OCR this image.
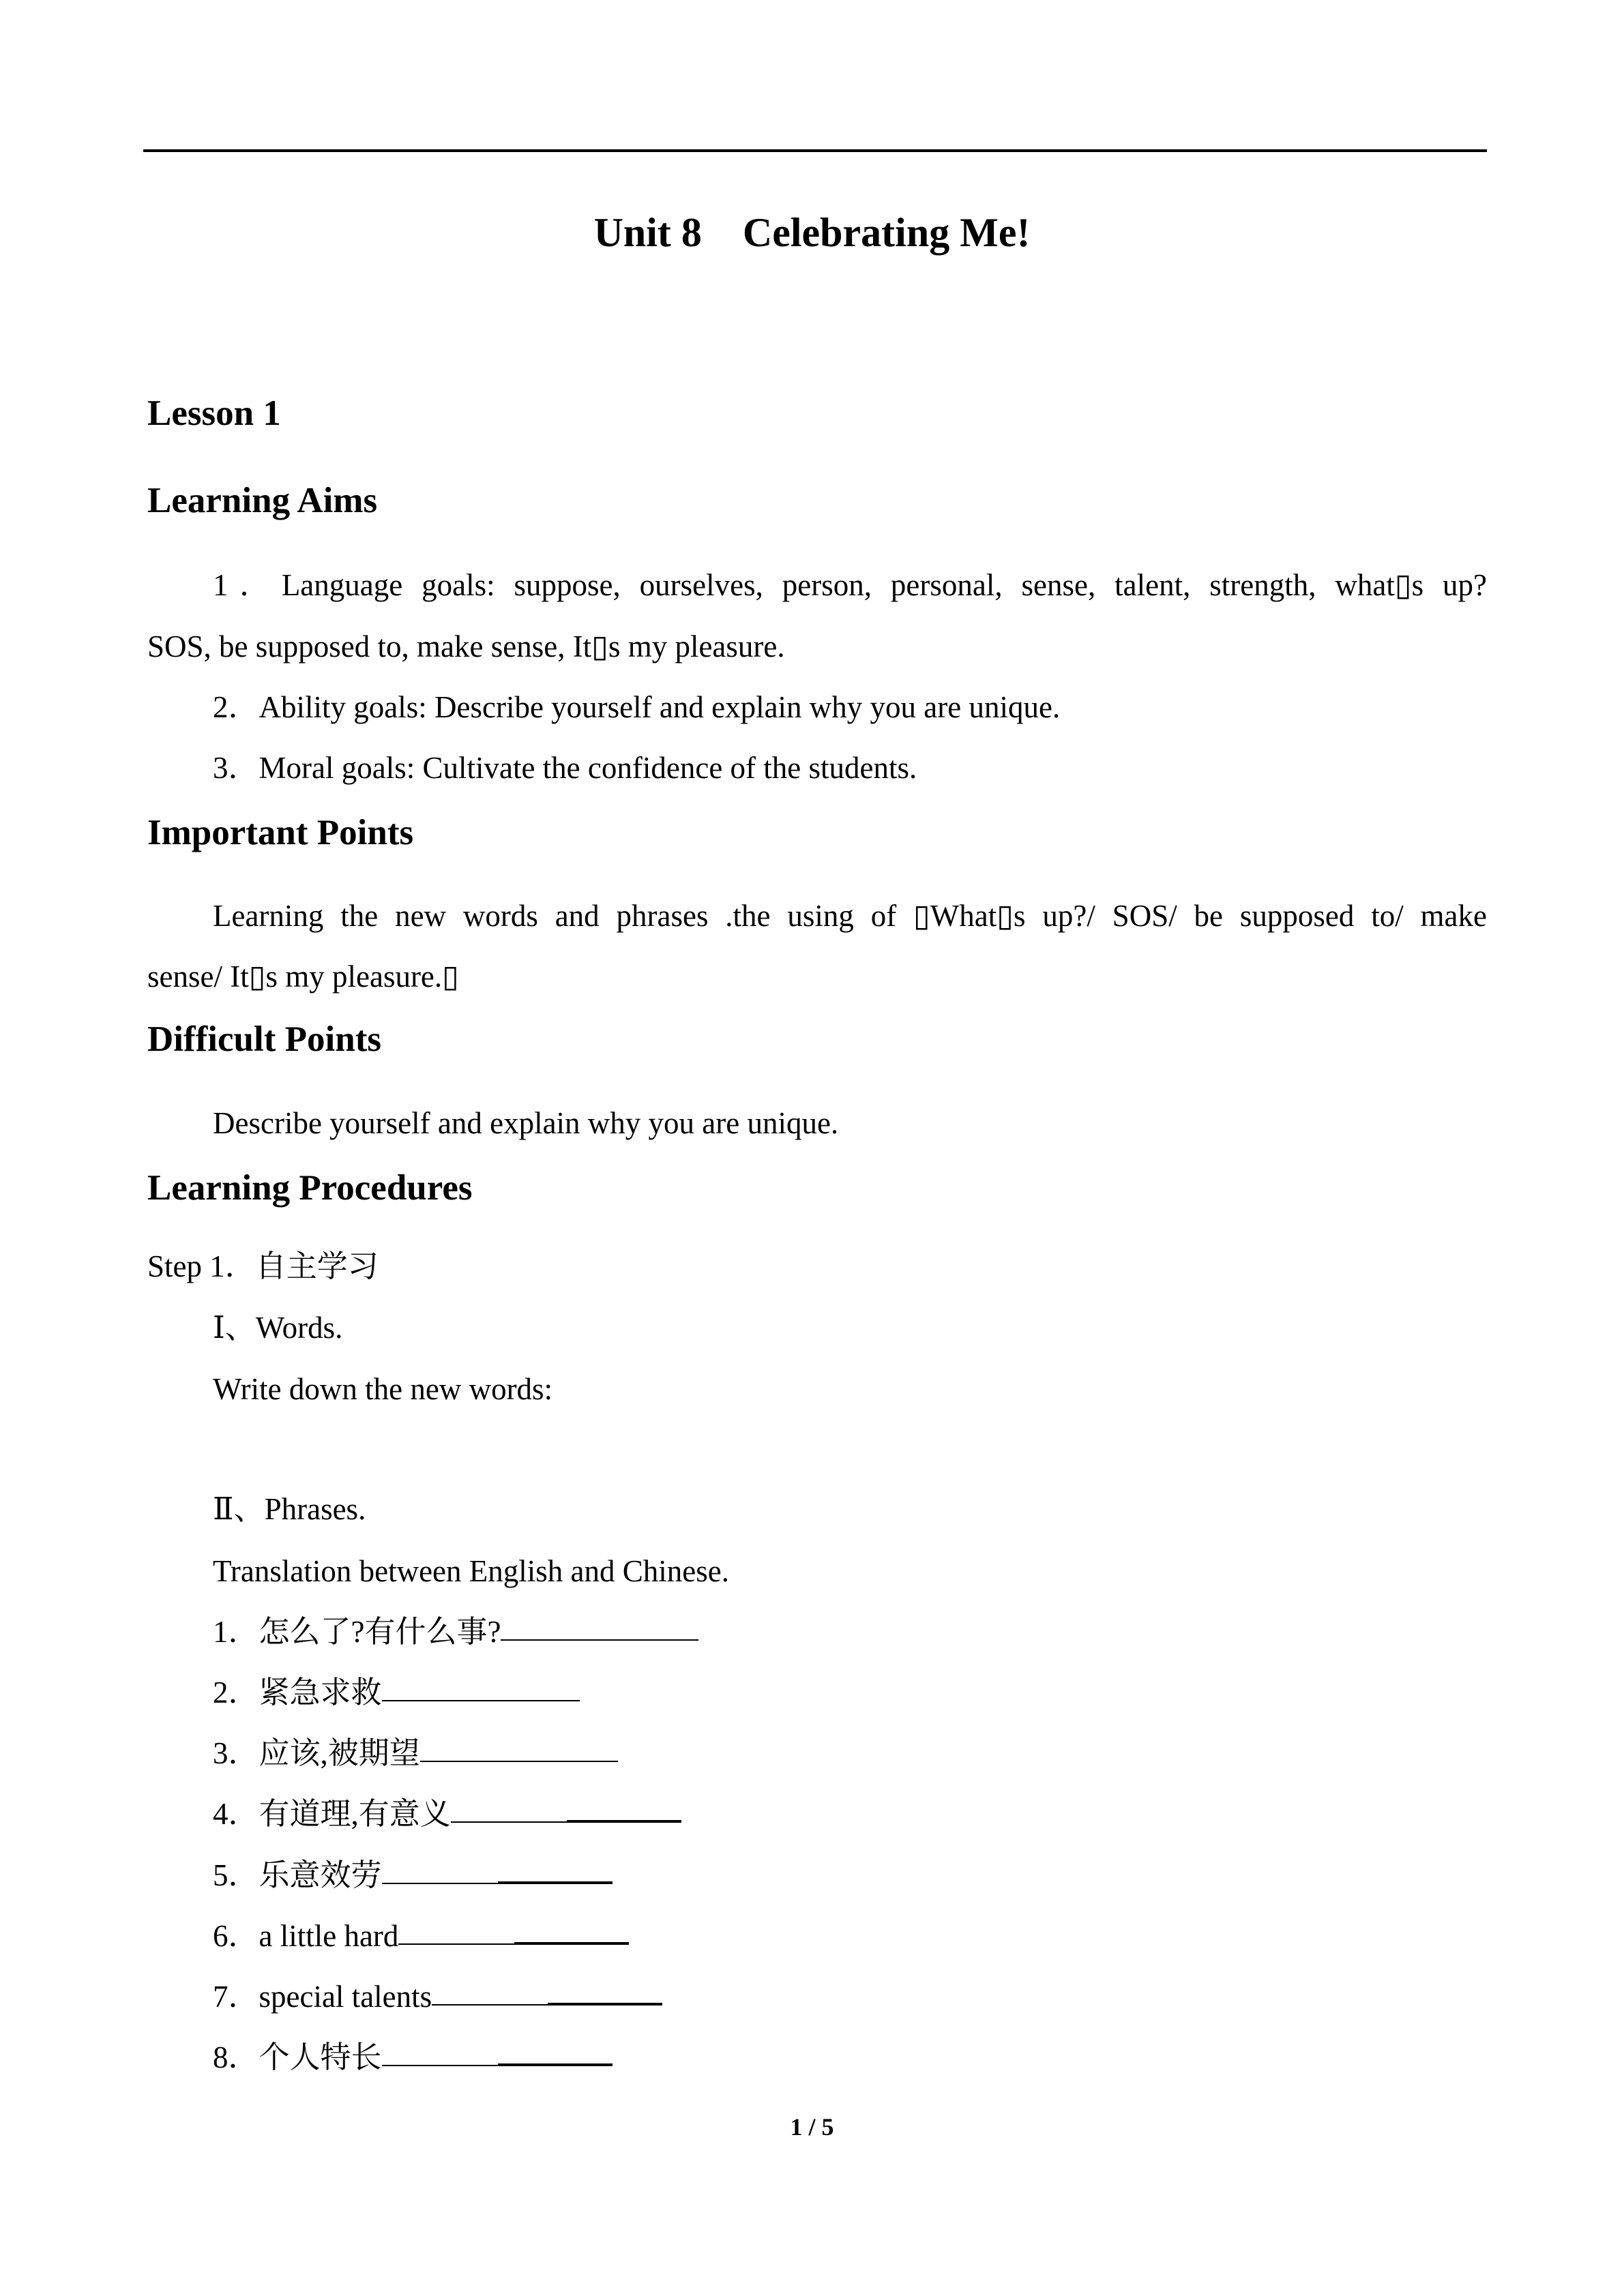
Unit 8    Celebrating Me!
Lesson 1
Learning Aims
1．Language goals: suppose, ourselves, person, personal, sense, talent, strength, what▯s up?
SOS, be supposed to, make sense, It▯s my pleasure.
2．Ability goals: Describe yourself and explain why you are unique.
3．Moral goals: Cultivate the confidence of the students.
Important Points
Learning the new words and phrases .the using of ▯What▯s up?/ SOS/ be supposed to/ make
sense/ It▯s my pleasure.▯
Difficult Points
Describe yourself and explain why you are unique.
Learning Procedures
Step 1．自主学习
Ⅰ、Words.
Write down the new words:
Ⅱ、Phrases.
Translation between English and Chinese.
1．怎么了?有什么事?
2．紧急求救
3．应该,被期望
4．有道理,有意义
5．乐意效劳
6．a little hard
7．special talents
8．个人特长
1 / 5
